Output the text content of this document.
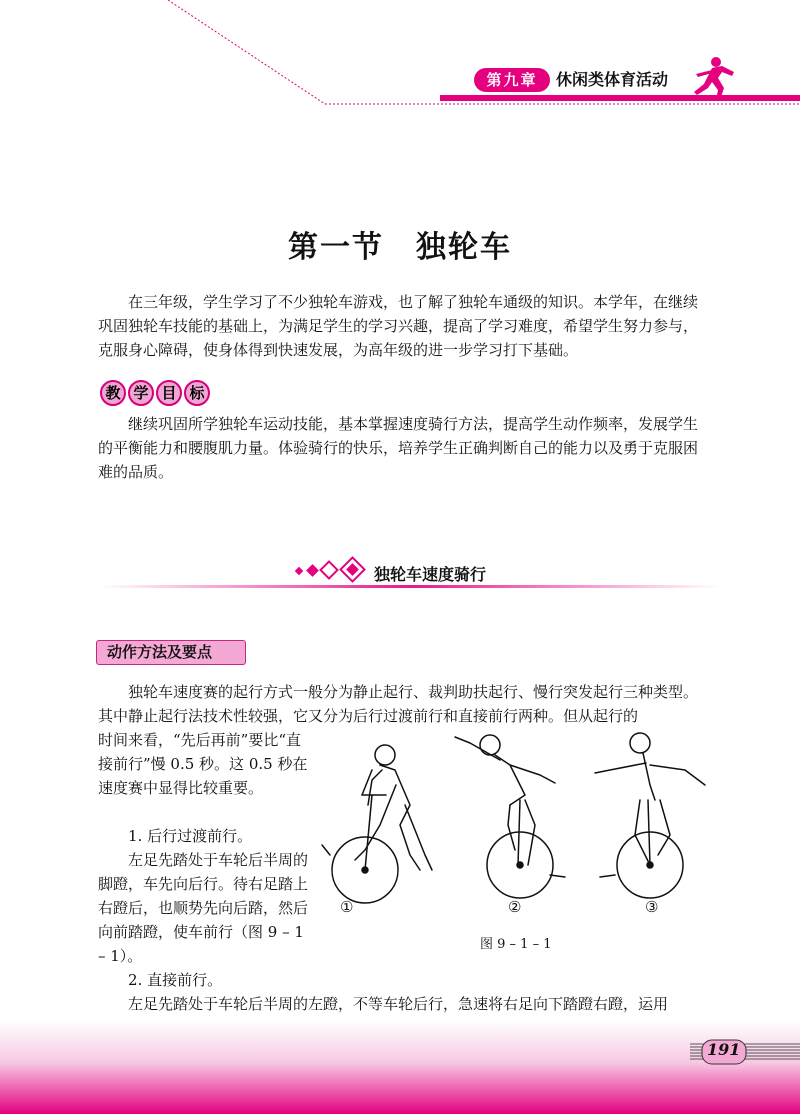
第九章	休闲类体育活动
第一节　独轮车

在三年级，学生学习了不少独轮车游戏，也了解了独轮车通级的知识。本学年，在继续巩固独轮车技能的基础上，为满足学生的学习兴趣，提高了学习难度，希望学生努力参与，克服身心障碍，使身体得到快速发展，为高年级的进一步学习打下基础。

教 学 目 标

继续巩固所学独轮车运动技能，基本掌握速度骑行方法，提高学生动作频率，发展学生的平衡能力和腰腹肌力量。体验骑行的快乐，培养学生正确判断自己的能力以及勇于克服困难的品质。

独轮车速度骑行
动作方法及要点

独轮车速度赛的起行方式一般分为静止起行、裁判助扶起行、慢行突发起行三种类型。其中静止起行法技术性较强，它又分为后行过渡前行和直接前行两种。但从起行的

时间来看，“先后再前”要比“直接前行”慢 0.5 秒。这 0.5 秒在速度赛中显得比较重要。

1. 后行过渡前行。

左足先踏处于车轮后半周的脚蹬，车先向后行。待右足踏上右蹬后，也顺势先向后踏，然后向前踏蹬，使车前行（图 9 – 1 – 1）。

2. 直接前行。

左足先踏处于车轮后半周的左蹬，不等车轮后行，急速将右足向下踏蹬右蹬，运用

①	②	③
图 9 – 1 – 1
191
